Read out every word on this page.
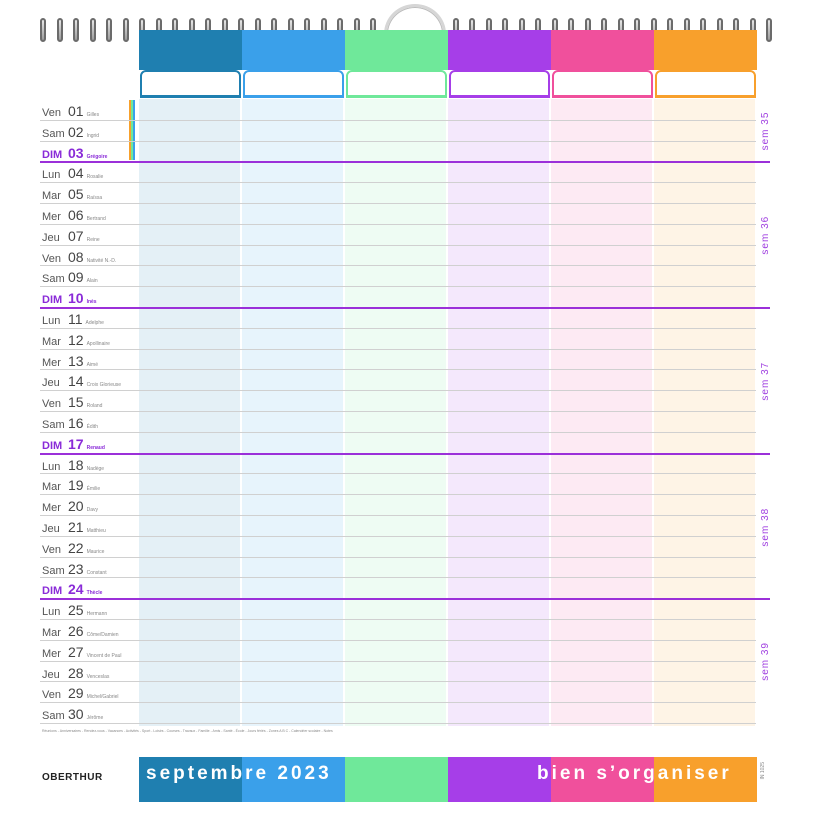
Ven 01 Gilles
Sam 02 Ingrid
DIM 03 Grégoire
Lun 04 Rosalie
Mar 05 Raïssa
Mer 06 Bertrand
Jeu 07 Reine
Ven 08 Nativité N.-D.
Sam 09 Alain
DIM 10 Inès
Lun 11 Adelphe
Mar 12 Apollinaire
Mer 13 Aimé
Jeu 14 Croix Glorieuse
Ven 15 Roland
Sam 16 Édith
DIM 17 Renaud
Lun 18 Nadège
Mar 19 Émilie
Mer 20 Davy
Jeu 21 Matthieu
Ven 22 Maurice
Sam 23 Constant
DIM 24 Thècle
Lun 25 Hermann
Mar 26 Côme/Damien
Mer 27 Vincent de Paul
Jeu 28 Venceslas
Ven 29 Michel/Gabriel
Sam 30 Jérôme
sem 35
sem 36
sem 37
sem 38
sem 39
Réunions - Anniversaires - Rendez-vous - Vacances - Activités - Sport - Loisirs - Courses - Travaux - Famille - Amis - Santé - École - Jours fériés - Zones A B C - Calendrier scolaire - Notes
OBERTHUR septembre 2023	bien s’organiser	IN 1025
